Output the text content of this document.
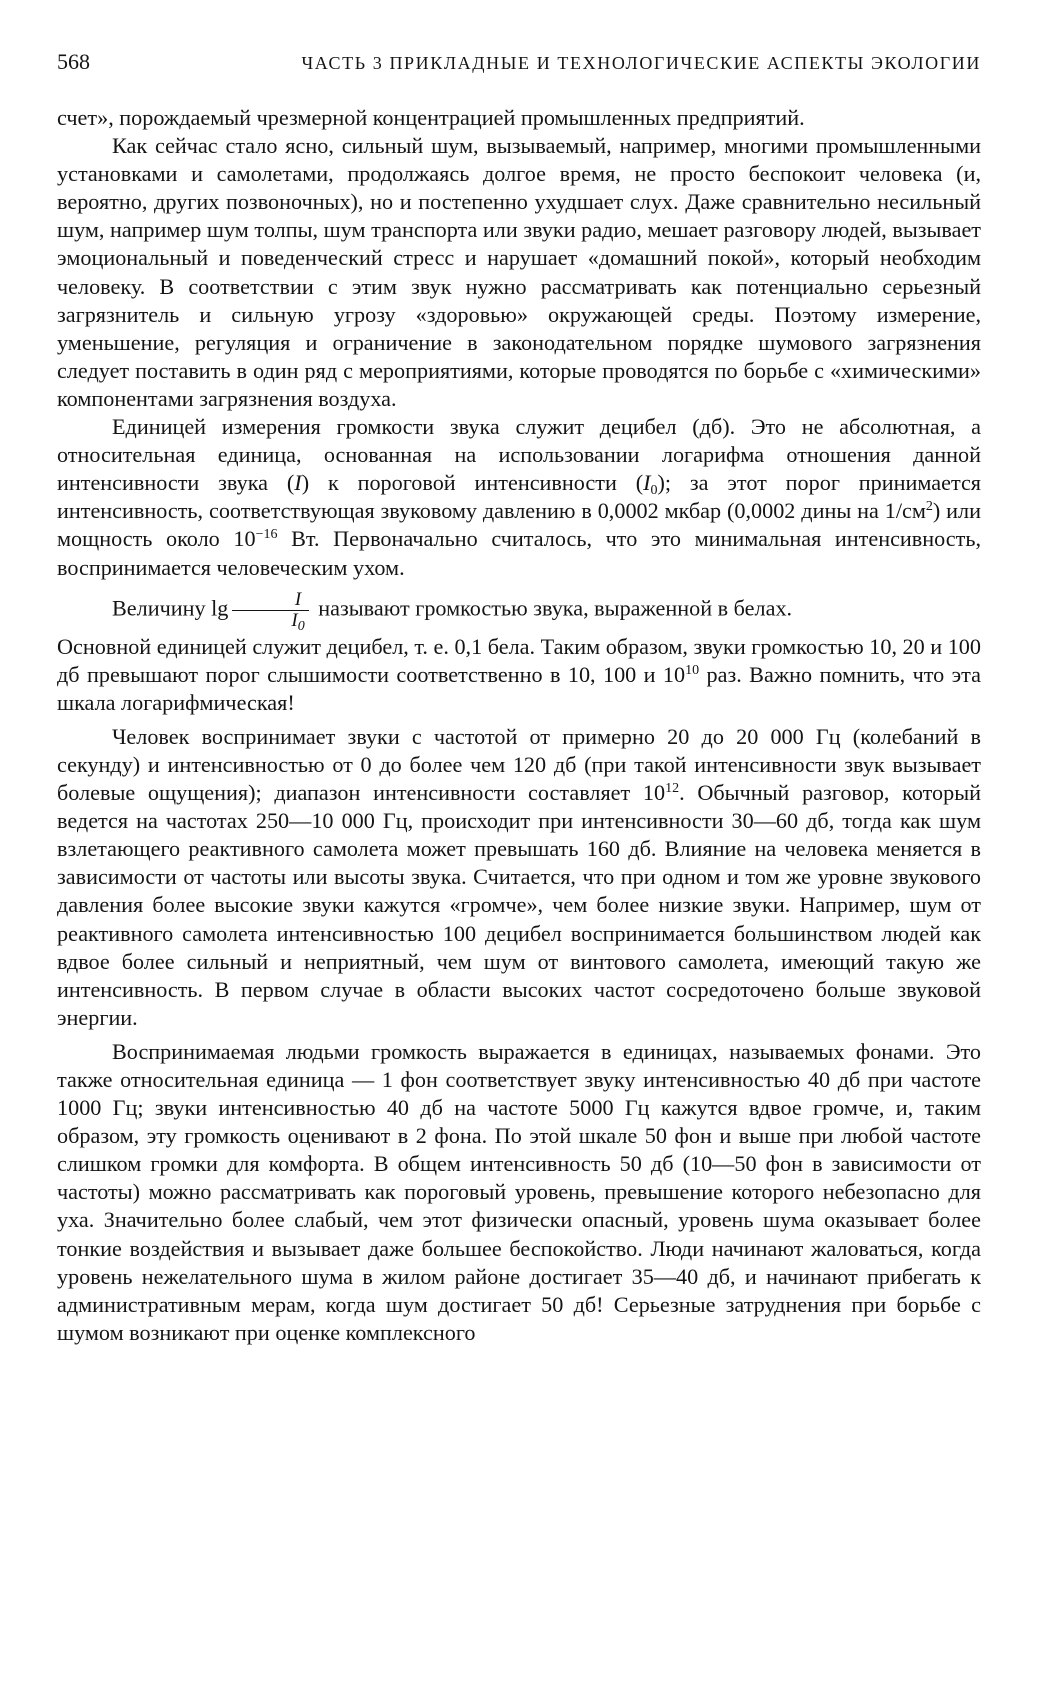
568	ЧАСТЬ 3 ПРИКЛАДНЫЕ И ТЕХНОЛОГИЧЕСКИЕ АСПЕКТЫ ЭКОЛОГИИ

счет», порождаемый чрезмерной концентрацией промышленных предприятий.

Как сейчас стало ясно, сильный шум, вызываемый, например, многими промышленными установками и самолетами, продолжаясь долгое время, не просто беспокоит человека (и, вероятно, других позвоночных), но и постепенно ухудшает слух. Даже сравнительно несильный шум, например шум толпы, шум транспорта или звуки радио, мешает разговору людей, вызывает эмоциональный и поведенческий стресс и нарушает «домашний покой», который необходим человеку. В соответствии с этим звук нужно рассматривать как потенциально серьезный загрязнитель и сильную угрозу «здоровью» окружающей среды. Поэтому измерение, уменьшение, регуляция и ограничение в законодательном порядке шумового загрязнения следует поставить в один ряд с мероприятиями, которые проводятся по борьбе с «химическими» компонентами загрязнения воздуха.

Единицей измерения громкости звука служит децибел (дб). Это не абсолютная, а относительная единица, основанная на использовании логарифма отношения данной интенсивности звука (I) к пороговой интенсивности $(I_0)$; за этот порог принимается интенсивность, соответствующая звуковому давлению в 0,0002 мкбар (0,0002 дины на $1/см^2$) или мощность около $10^{-16}$ Вт. Первоначально считалось, что это минимальная интенсивность, воспринимается человеческим ухом.

Величину $\lg \frac{I}{I_0}$ называют громкостью звука, выраженной в белах.

Основной единицей служит децибел, т. е. 0,1 бела. Таким образом, звуки громкостью 10, 20 и 100 дб превышают порог слышимости соответственно в 10, 100 и $10^{10}$ раз. Важно помнить, что эта шкала логарифмическая!

Человек воспринимает звуки с частотой от примерно 20 до 20 000 Гц (колебаний в секунду) и интенсивностью от 0 до более чем 120 дб (при такой интенсивности звук вызывает болевые ощущения); диапазон интенсивности составляет $10^{12}$. Обычный разговор, который ведется на частотах 250—10 000 Гц, происходит при интенсивности 30—60 дб, тогда как шум взлетающего реактивного самолета может превышать 160 дб. Влияние на человека меняется в зависимости от частоты или высоты звука. Считается, что при одном и том же уровне звукового давления более высокие звуки кажутся «громче», чем более низкие звуки. Например, шум от реактивного самолета интенсивностью 100 децибел воспринимается большинством людей как вдвое более сильный и неприятный, чем шум от винтового самолета, имеющий такую же интенсивность. В первом случае в области высоких частот сосредоточено больше звуковой энергии.

Воспринимаемая людьми громкость выражается в единицах, называемых фонами. Это также относительная единица — 1 фон соответствует звуку интенсивностью 40 дб при частоте 1000 Гц; звуки интенсивностью 40 дб на частоте 5000 Гц кажутся вдвое громче, и, таким образом, эту громкость оценивают в 2 фона. По этой шкале 50 фон и выше при любой частоте слишком громки для комфорта. В общем интенсивность 50 дб (10—50 фон в зависимости от частоты) можно рассматривать как пороговый уровень, превышение которого небезопасно для уха. Значительно более слабый, чем этот физически опасный, уровень шума оказывает более тонкие воздействия и вызывает даже большее беспокойство. Люди начинают жаловаться, когда уровень нежелательного шума в жилом районе достигает 35—40 дб, и начинают прибегать к административным мерам, когда шум достигает 50 дб! Серьезные затруднения при борьбе с шумом возникают при оценке комплексного
